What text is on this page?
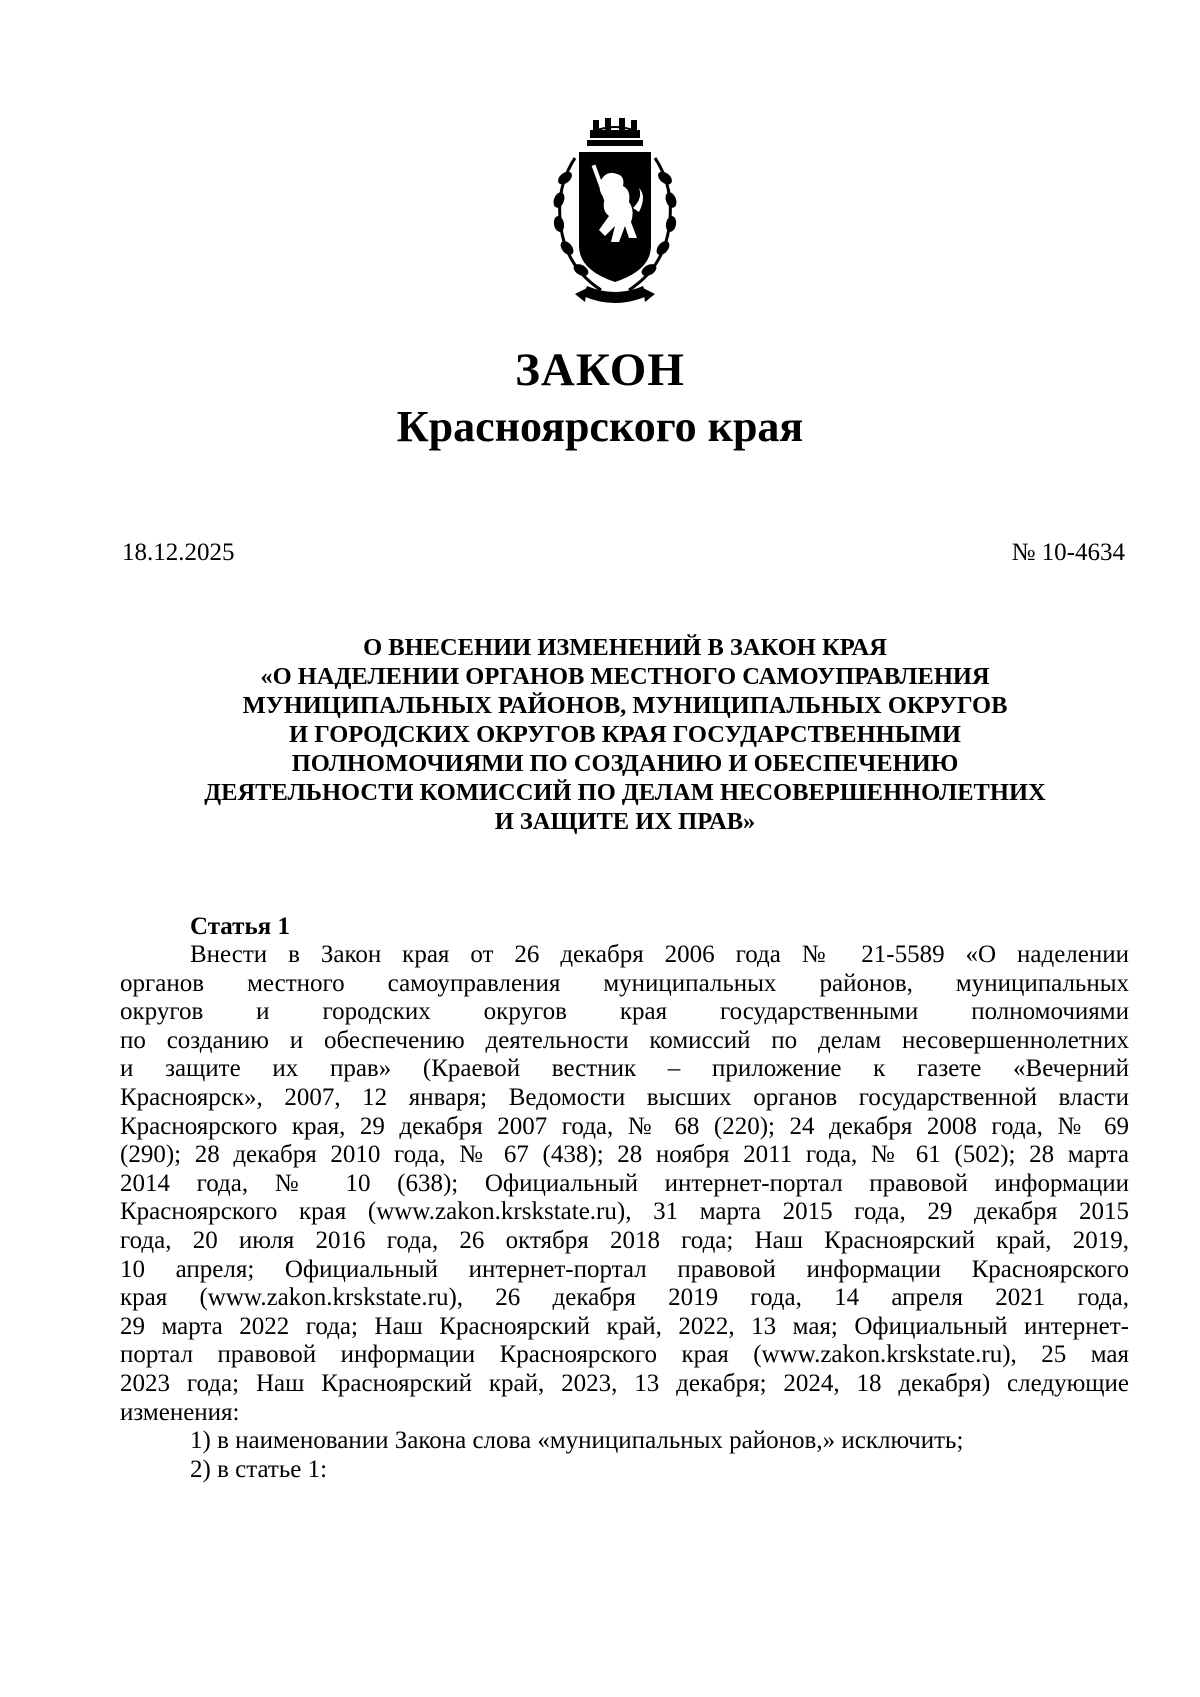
ЗАКОН
Красноярского края
18.12.2025	№ 10-4634
О ВНЕСЕНИИ ИЗМЕНЕНИЙ В ЗАКОН КРАЯ
«О НАДЕЛЕНИИ ОРГАНОВ МЕСТНОГО САМОУПРАВЛЕНИЯ
МУНИЦИПАЛЬНЫХ РАЙОНОВ, МУНИЦИПАЛЬНЫХ ОКРУГОВ
И ГОРОДСКИХ ОКРУГОВ КРАЯ ГОСУДАРСТВЕННЫМИ
ПОЛНОМОЧИЯМИ ПО СОЗДАНИЮ И ОБЕСПЕЧЕНИЮ
ДЕЯТЕЛЬНОСТИ КОМИССИЙ ПО ДЕЛАМ НЕСОВЕРШЕННОЛЕТНИХ
И ЗАЩИТЕ ИХ ПРАВ»
Статья 1
Внести в Закон края от 26 декабря 2006 года № 21-5589 «О наделении
органов местного самоуправления муниципальных районов, муниципальных
округов и городских округов края государственными полномочиями
по созданию и обеспечению деятельности комиссий по делам несовершеннолетних
и защите их прав» (Краевой вестник – приложение к газете «Вечерний
Красноярск», 2007, 12 января; Ведомости высших органов государственной власти
Красноярского края, 29 декабря 2007 года, № 68 (220); 24 декабря 2008 года, № 69
(290); 28 декабря 2010 года, № 67 (438); 28 ноября 2011 года, № 61 (502); 28 марта
2014 года, № 10 (638); Официальный интернет-портал правовой информации
Красноярского края (www.zakon.krskstate.ru), 31 марта 2015 года, 29 декабря 2015
года, 20 июля 2016 года, 26 октября 2018 года; Наш Красноярский край, 2019,
10 апреля; Официальный интернет-портал правовой информации Красноярского
края (www.zakon.krskstate.ru), 26 декабря 2019 года, 14 апреля 2021 года,
29 марта 2022 года; Наш Красноярский край, 2022, 13 мая; Официальный интернет-
портал правовой информации Красноярского края (www.zakon.krskstate.ru), 25 мая
2023 года; Наш Красноярский край, 2023, 13 декабря; 2024, 18 декабря) следующие
изменения:
1) в наименовании Закона слова «муниципальных районов,» исключить;
2) в статье 1:
